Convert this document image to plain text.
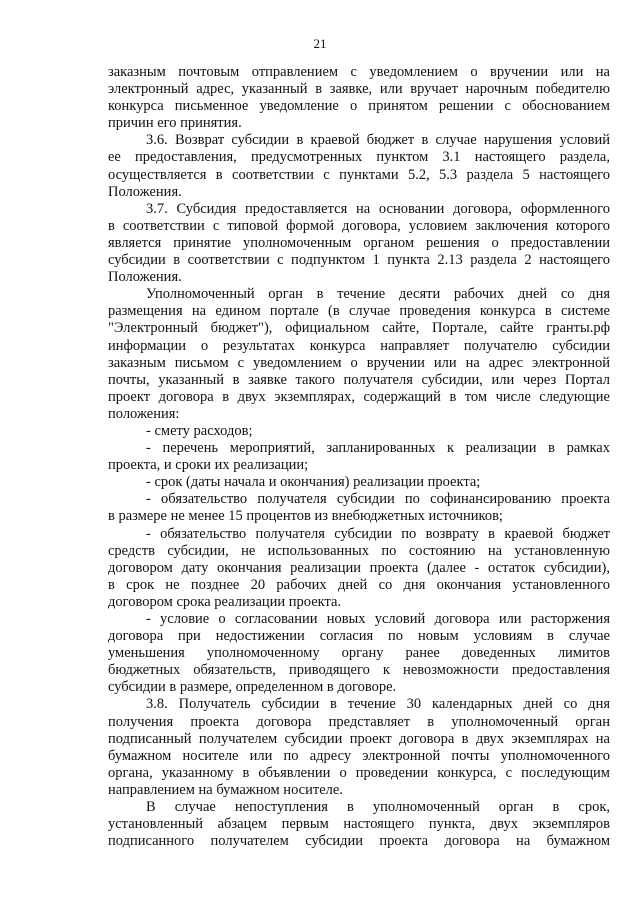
21

заказным почтовым отправлением с уведомлением о вручении или на

электронный адрес, указанный в заявке, или вручает нарочным победителю

конкурса письменное уведомление о принятом решении с обоснованием

причин его принятия.

3.6. Возврат субсидии в краевой бюджет в случае нарушения условий

ее предоставления, предусмотренных пунктом 3.1 настоящего раздела,

осуществляется в соответствии с пунктами 5.2, 5.3 раздела 5 настоящего

Положения.

3.7. Субсидия предоставляется на основании договора, оформленного

в соответствии с типовой формой договора, условием заключения которого

является принятие уполномоченным органом решения о предоставлении

субсидии в соответствии с подпунктом 1 пункта 2.13 раздела 2 настоящего

Положения.

Уполномоченный орган в течение десяти рабочих дней со дня

размещения на едином портале (в случае проведения конкурса в системе

"Электронный бюджет"), официальном сайте, Портале, сайте гранты.рф

информации о результатах конкурса направляет получателю субсидии

заказным письмом с уведомлением о вручении или на адрес электронной

почты, указанный в заявке такого получателя субсидии, или через Портал

проект договора в двух экземплярах, содержащий в том числе следующие

положения:

- смету расходов;

- перечень мероприятий, запланированных к реализации в рамках

проекта, и сроки их реализации;

- срок (даты начала и окончания) реализации проекта;

- обязательство получателя субсидии по софинансированию проекта

в размере не менее 15 процентов из внебюджетных источников;

- обязательство получателя субсидии по возврату в краевой бюджет

средств субсидии, не использованных по состоянию на установленную

договором дату окончания реализации проекта (далее - остаток субсидии),

в срок не позднее 20 рабочих дней со дня окончания установленного

договором срока реализации проекта.

- условие о согласовании новых условий договора или расторжения

договора при недостижении согласия по новым условиям в случае

уменьшения уполномоченному органу ранее доведенных лимитов

бюджетных обязательств, приводящего к невозможности предоставления

субсидии в размере, определенном в договоре.

3.8. Получатель субсидии в течение 30 календарных дней со дня

получения проекта договора представляет в уполномоченный орган

подписанный получателем субсидии проект договора в двух экземплярах на

бумажном носителе или по адресу электронной почты уполномоченного

органа, указанному в объявлении о проведении конкурса, с последующим

направлением на бумажном носителе.

В случае непоступления в уполномоченный орган в срок,

установленный абзацем первым настоящего пункта, двух экземпляров

подписанного получателем субсидии проекта договора на бумажном
